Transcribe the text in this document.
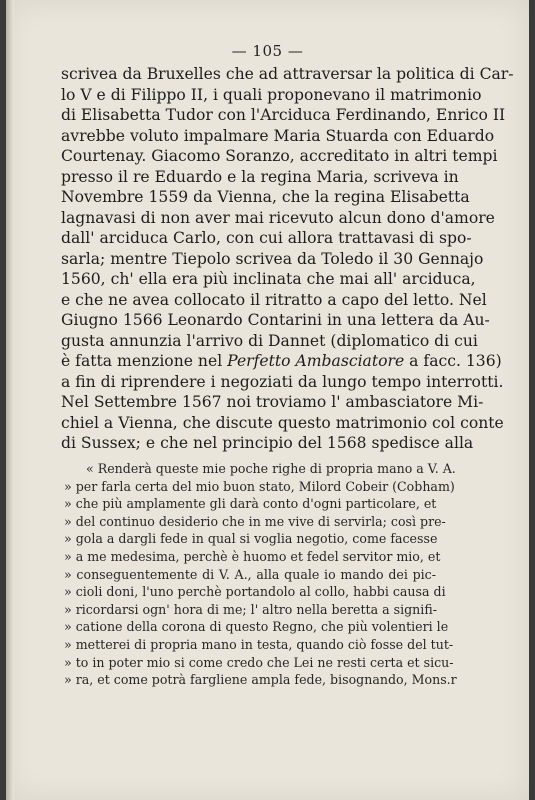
— 105 —
scrivea da Bruxelles che ad attraversar la politica di Car-
lo V e di Filippo II, i quali proponevano il matrimonio
di Elisabetta Tudor con l'Arciduca Ferdinando, Enrico II
avrebbe voluto impalmare Maria Stuarda con Eduardo
Courtenay. Giacomo Soranzo, accreditato in altri tempi
presso il re Eduardo e la regina Maria, scriveva in
Novembre 1559 da Vienna, che la regina Elisabetta
lagnavasi di non aver mai ricevuto alcun dono d'amore
dall' arciduca Carlo, con cui allora trattavasi di spo-
sarla; mentre Tiepolo scrivea da Toledo il 30 Gennajo
1560, ch' ella era più inclinata che mai all' arciduca,
e che ne avea collocato il ritratto a capo del letto. Nel
Giugno 1566 Leonardo Contarini in una lettera da Au-
gusta annunzia l'arrivo di Dannet (diplomatico di cui
è fatta menzione nel Perfetto Ambasciatore a facc. 136)
a fin di riprendere i negoziati da lungo tempo interrotti.
Nel Settembre 1567 noi troviamo l' ambasciatore Mi-
chiel a Vienna, che discute questo matrimonio col conte
di Sussex; e che nel principio del 1568 spedisce alla
« Renderà queste mie poche righe di propria mano a V. A.
» per farla certa del mio buon stato, Milord Cobeir (Cobham)
» che più amplamente gli darà conto d'ogni particolare, et
» del continuo desiderio che in me vive di servirla; così pre-
» gola a dargli fede in qual si voglia negotio, come facesse
» a me medesima, perchè è huomo et fedel servitor mio, et
» conseguentemente di V. A., alla quale io mando dei pic-
» cioli doni, l'uno perchè portandolo al collo, habbi causa di
» ricordarsi ogn' hora di me; l' altro nella beretta a signifi-
» catione della corona di questo Regno, che più volentieri le
» metterei di propria mano in testa, quando ciò fosse del tut-
» to in poter mio si come credo che Lei ne resti certa et sicu-
» ra, et come potrà fargliene ampla fede, bisognando, Mons.r
